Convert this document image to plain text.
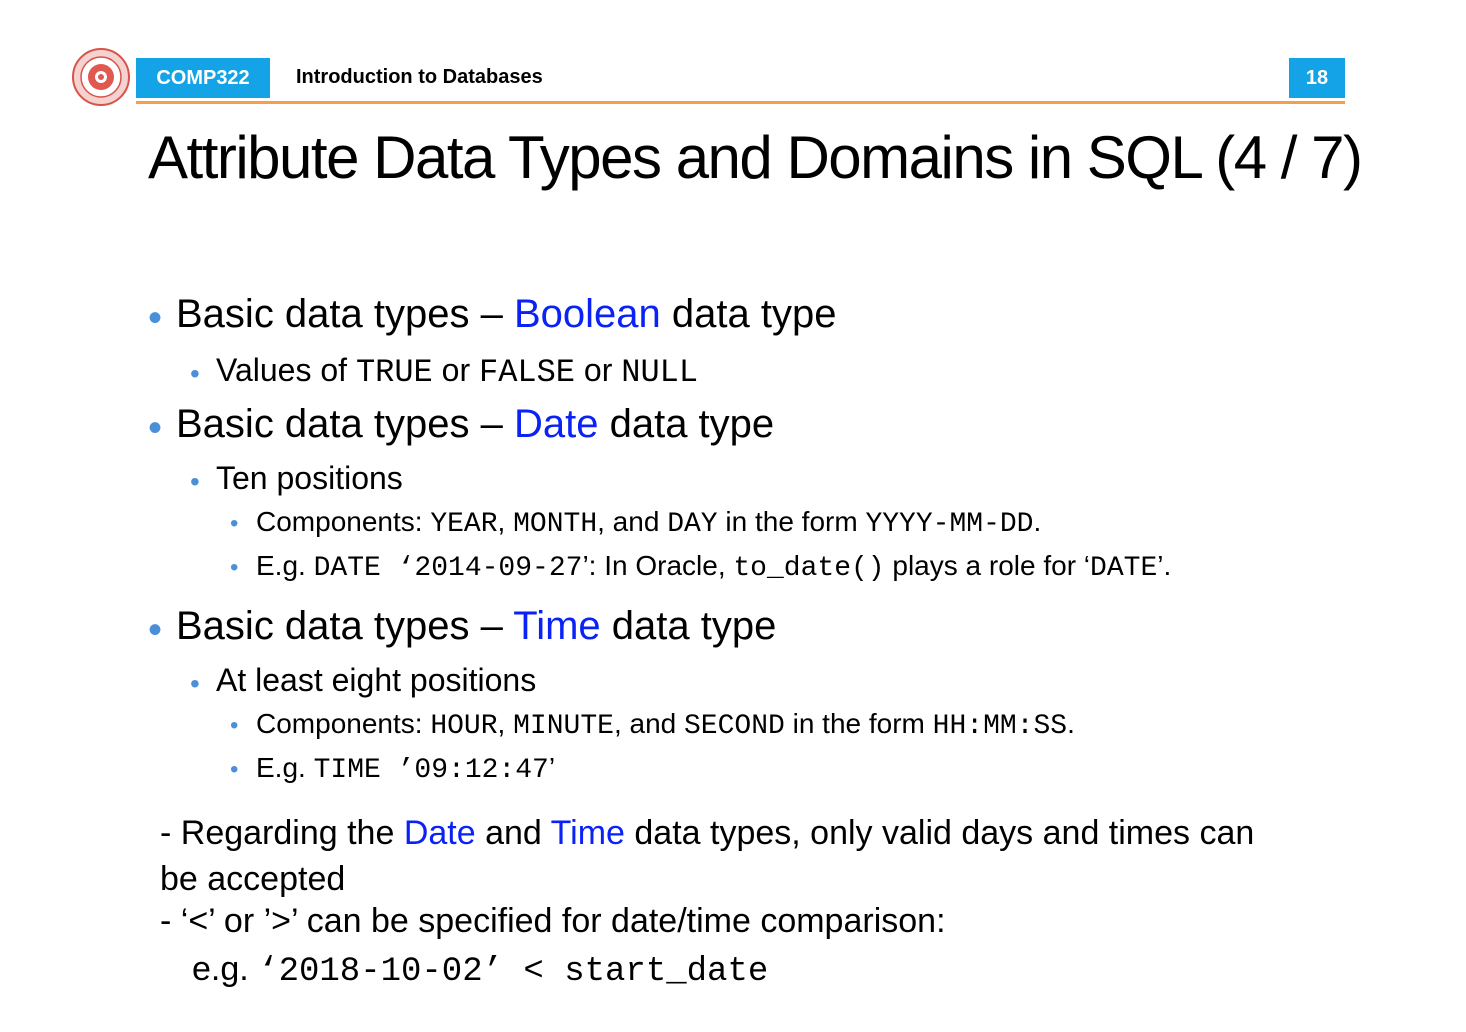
COMP322	Introduction to Databases	18
Attribute Data Types and Domains in SQL (4 / 7)
• Basic data types – Boolean data type
• Values of TRUE or FALSE or NULL
• Basic data types – Date data type
• Ten positions
• Components: YEAR, MONTH, and DAY in the form YYYY-MM-DD.
• E.g. DATE ‘2014-09-27’: In Oracle, to_date() plays a role for ‘DATE’.
• Basic data types – Time data type
• At least eight positions
• Components: HOUR, MINUTE, and SECOND in the form HH:MM:SS.
• E.g. TIME ’09:12:47’
- Regarding the Date and Time data types, only valid days and times can
be accepted
- ‘<’ or ’>’ can be specified for date/time comparison:
e.g. ‘2018-10-02’ < start_date
